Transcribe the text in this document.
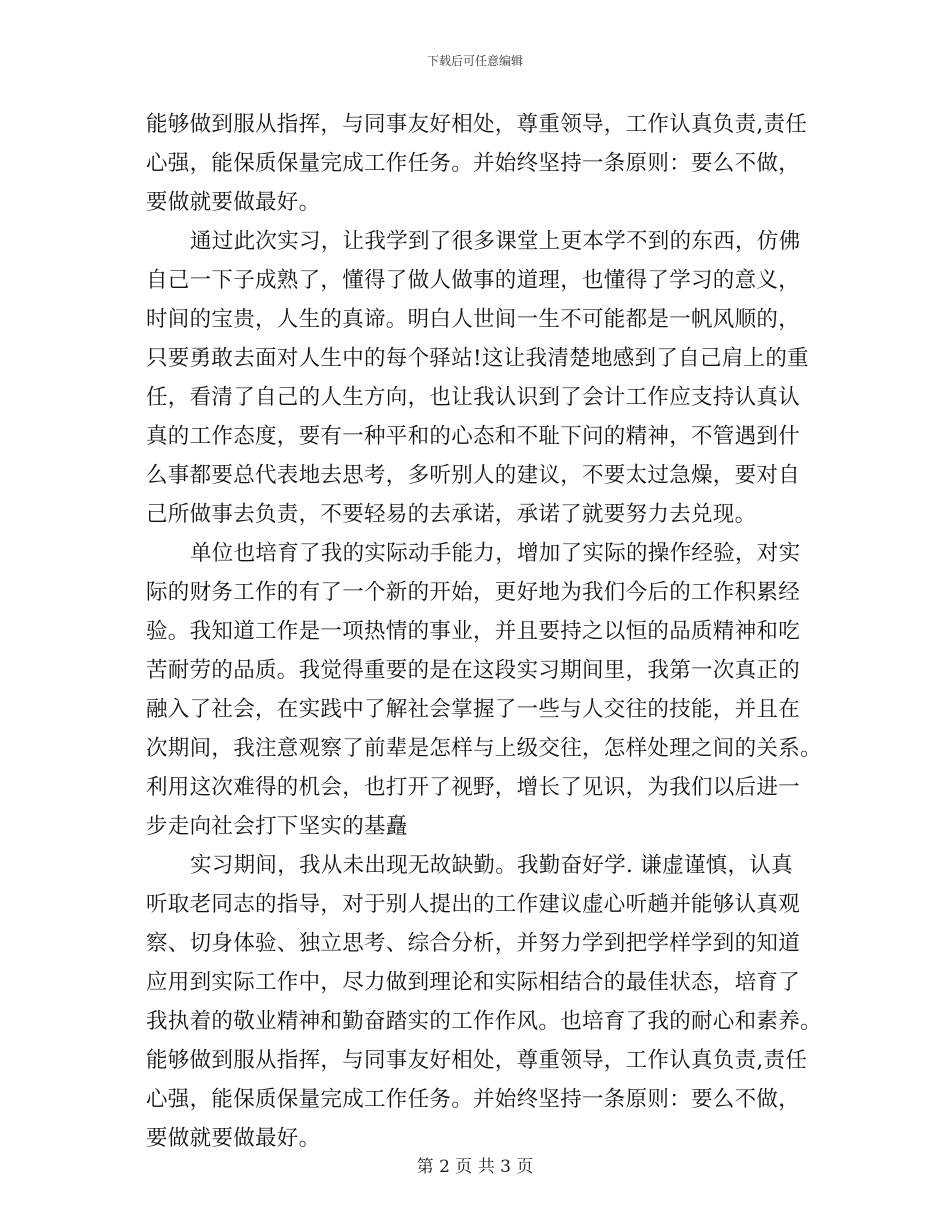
下载后可任意编辑
能够做到服从指挥，与同事友好相处，尊重领导，工作认真负责,责任
心强，能保质保量完成工作任务。并始终坚持一条原则：要么不做，
要做就要做最好。
通过此次实习，让我学到了很多课堂上更本学不到的东西，仿佛
自己一下子成熟了，懂得了做人做事的道理，也懂得了学习的意义，
时间的宝贵，人生的真谛。明白人世间一生不可能都是一帆风顺的，
只要勇敢去面对人生中的每个驿站!这让我清楚地感到了自己肩上的重
任，看清了自己的人生方向，也让我认识到了会计工作应支持认真认
真的工作态度，要有一种平和的心态和不耻下问的精神，不管遇到什
么事都要总代表地去思考，多听别人的建议，不要太过急燥，要对自
己所做事去负责，不要轻易的去承诺，承诺了就要努力去兑现。
单位也培育了我的实际动手能力，增加了实际的操作经验，对实
际的财务工作的有了一个新的开始，更好地为我们今后的工作积累经
验。我知道工作是一项热情的事业，并且要持之以恒的品质精神和吃
苦耐劳的品质。我觉得重要的是在这段实习期间里，我第一次真正的
融入了社会，在实践中了解社会掌握了一些与人交往的技能，并且在
次期间，我注意观察了前辈是怎样与上级交往，怎样处理之间的关系。
利用这次难得的机会，也打开了视野，增长了见识，为我们以后进一
步走向社会打下坚实的基矗
实习期间，我从未出现无故缺勤。我勤奋好学. 谦虚谨慎，认真
听取老同志的指导，对于别人提出的工作建议虚心听趟并能够认真观
察、切身体验、独立思考、综合分析，并努力学到把学样学到的知道
应用到实际工作中，尽力做到理论和实际相结合的最佳状态，培育了
我执着的敬业精神和勤奋踏实的工作作风。也培育了我的耐心和素养。
能够做到服从指挥，与同事友好相处，尊重领导，工作认真负责,责任
心强，能保质保量完成工作任务。并始终坚持一条原则：要么不做，
要做就要做最好。
第 2 页 共 3 页
